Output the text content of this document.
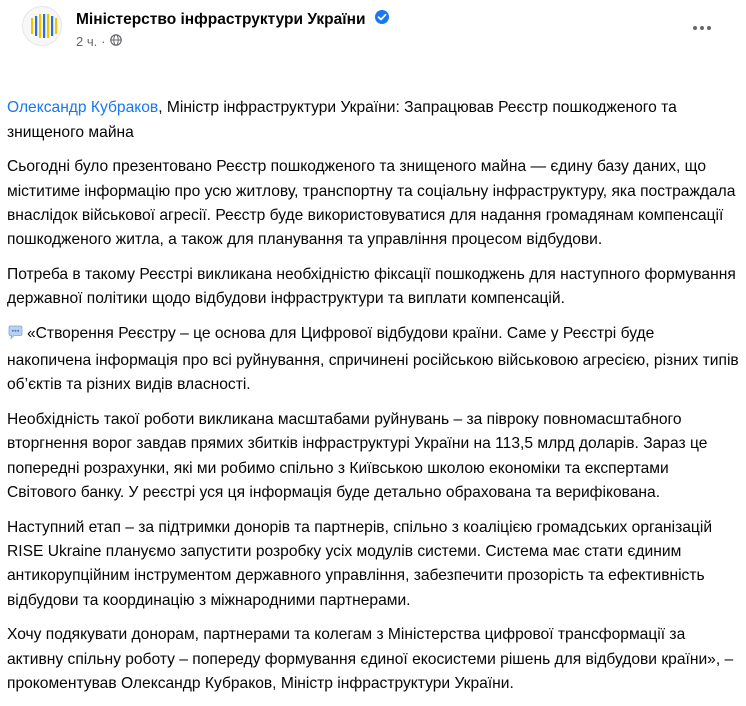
Міністерство інфраструктури України
2 ч. ·

Олександр Кубраков, Міністр інфраструктури України: Запрацював Реєстр пошкодженого та знищеного майна

Сьогодні було презентовано Реєстр пошкодженого та знищеного майна — єдину базу даних, що міститиме інформацію про усю житлову, транспортну та соціальну інфраструктуру, яка постраждала внаслідок військової агресії. Реєстр буде використовуватися для надання громадянам компенсації пошкодженого житла, а також для планування та управління процесом відбудови.

Потреба в такому Реєстрі викликана необхідністю фіксації пошкоджень для наступного формування державної політики щодо відбудови інфраструктури та виплати компенсацій.

«Створення Реєстру – це основа для Цифрової відбудови країни. Саме у Реєстрі буде накопичена інформація про всі руйнування, спричинені російською військовою агресією, різних типів об’єктів та різних видів власності.

Необхідність такої роботи викликана масштабами руйнувань – за півроку повномасштабного вторгнення ворог завдав прямих збитків інфраструктурі України на 113,5 млрд доларів. Зараз це попередні розрахунки, які ми робимо спільно з Київською школою економіки та експертами Світового банку. У реєстрі уся ця інформація буде детально обрахована та верифікована.

Наступний етап – за підтримки донорів та партнерів, спільно з коаліцією громадських організацій RISE Ukraine плануємо запустити розробку усіх модулів системи. Система має стати єдиним антикорупційним інструментом державного управління, забезпечити прозорість та ефективність відбудови та координацію з міжнародними партнерами.

Хочу подякувати донорам, партнерами та колегам з Міністерства цифрової трансформації за активну спільну роботу – попереду формування єдиної екосистеми рішень для відбудови країни», – прокоментував Олександр Кубраков, Міністр інфраструктури України.
